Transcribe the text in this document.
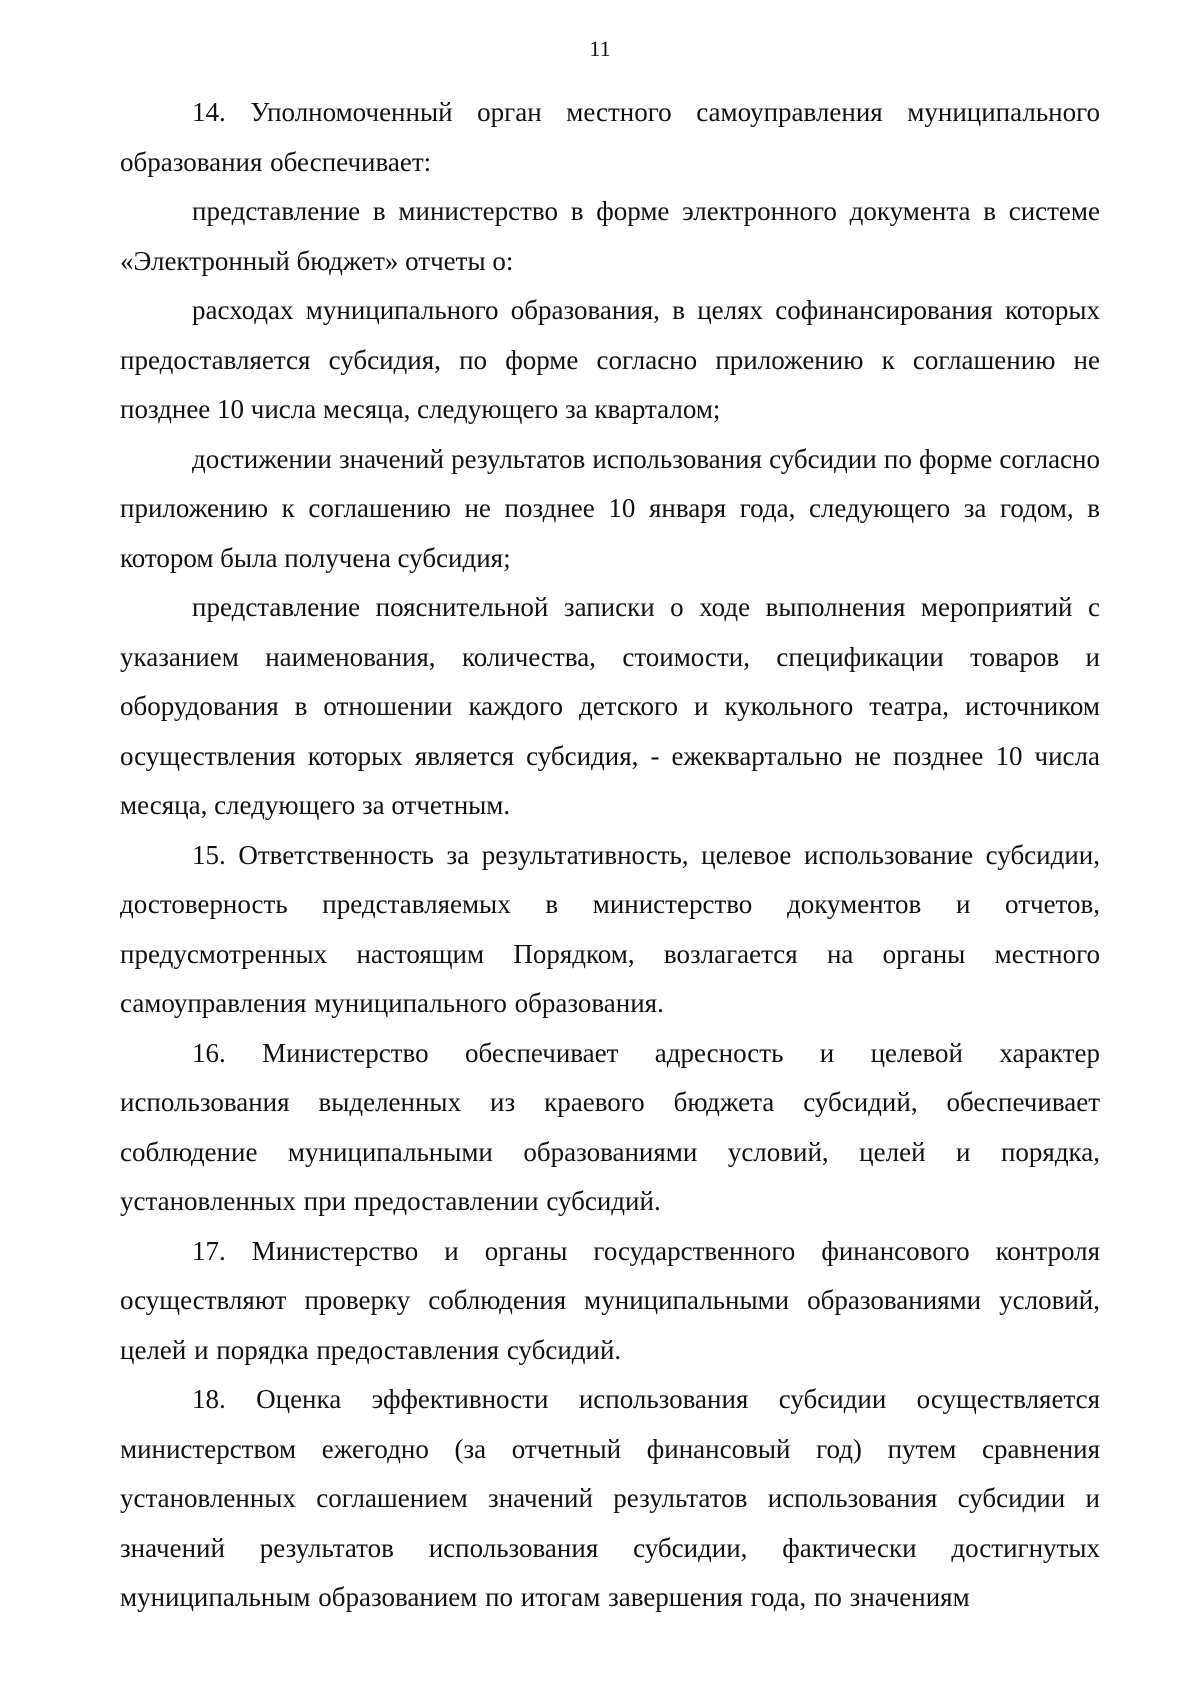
11

14. Уполномоченный орган местного самоуправления муниципального образования обеспечивает:

представление в министерство в форме электронного документа в системе «Электронный бюджет» отчеты о:

расходах муниципального образования, в целях софинансирования которых предоставляется субсидия, по форме согласно приложению к соглашению не позднее 10 числа месяца, следующего за кварталом;

достижении значений результатов использования субсидии по форме согласно приложению к соглашению не позднее 10 января года, следующего за годом, в котором была получена субсидия;

представление пояснительной записки о ходе выполнения мероприятий с указанием наименования, количества, стоимости, спецификации товаров и оборудования в отношении каждого детского и кукольного театра, источником осуществления которых является субсидия, - ежеквартально не позднее 10 числа месяца, следующего за отчетным.

15. Ответственность за результативность, целевое использование субсидии, достоверность представляемых в министерство документов и отчетов, предусмотренных настоящим Порядком, возлагается на органы местного самоуправления муниципального образования.

16. Министерство обеспечивает адресность и целевой характер использования выделенных из краевого бюджета субсидий, обеспечивает соблюдение муниципальными образованиями условий, целей и порядка, установленных при предоставлении субсидий.

17. Министерство и органы государственного финансового контроля осуществляют проверку соблюдения муниципальными образованиями условий, целей и порядка предоставления субсидий.

18. Оценка эффективности использования субсидии осуществляется министерством ежегодно (за отчетный финансовый год) путем сравнения установленных соглашением значений результатов использования субсидии и значений результатов использования субсидии, фактически достигнутых муниципальным образованием по итогам завершения года, по значениям
